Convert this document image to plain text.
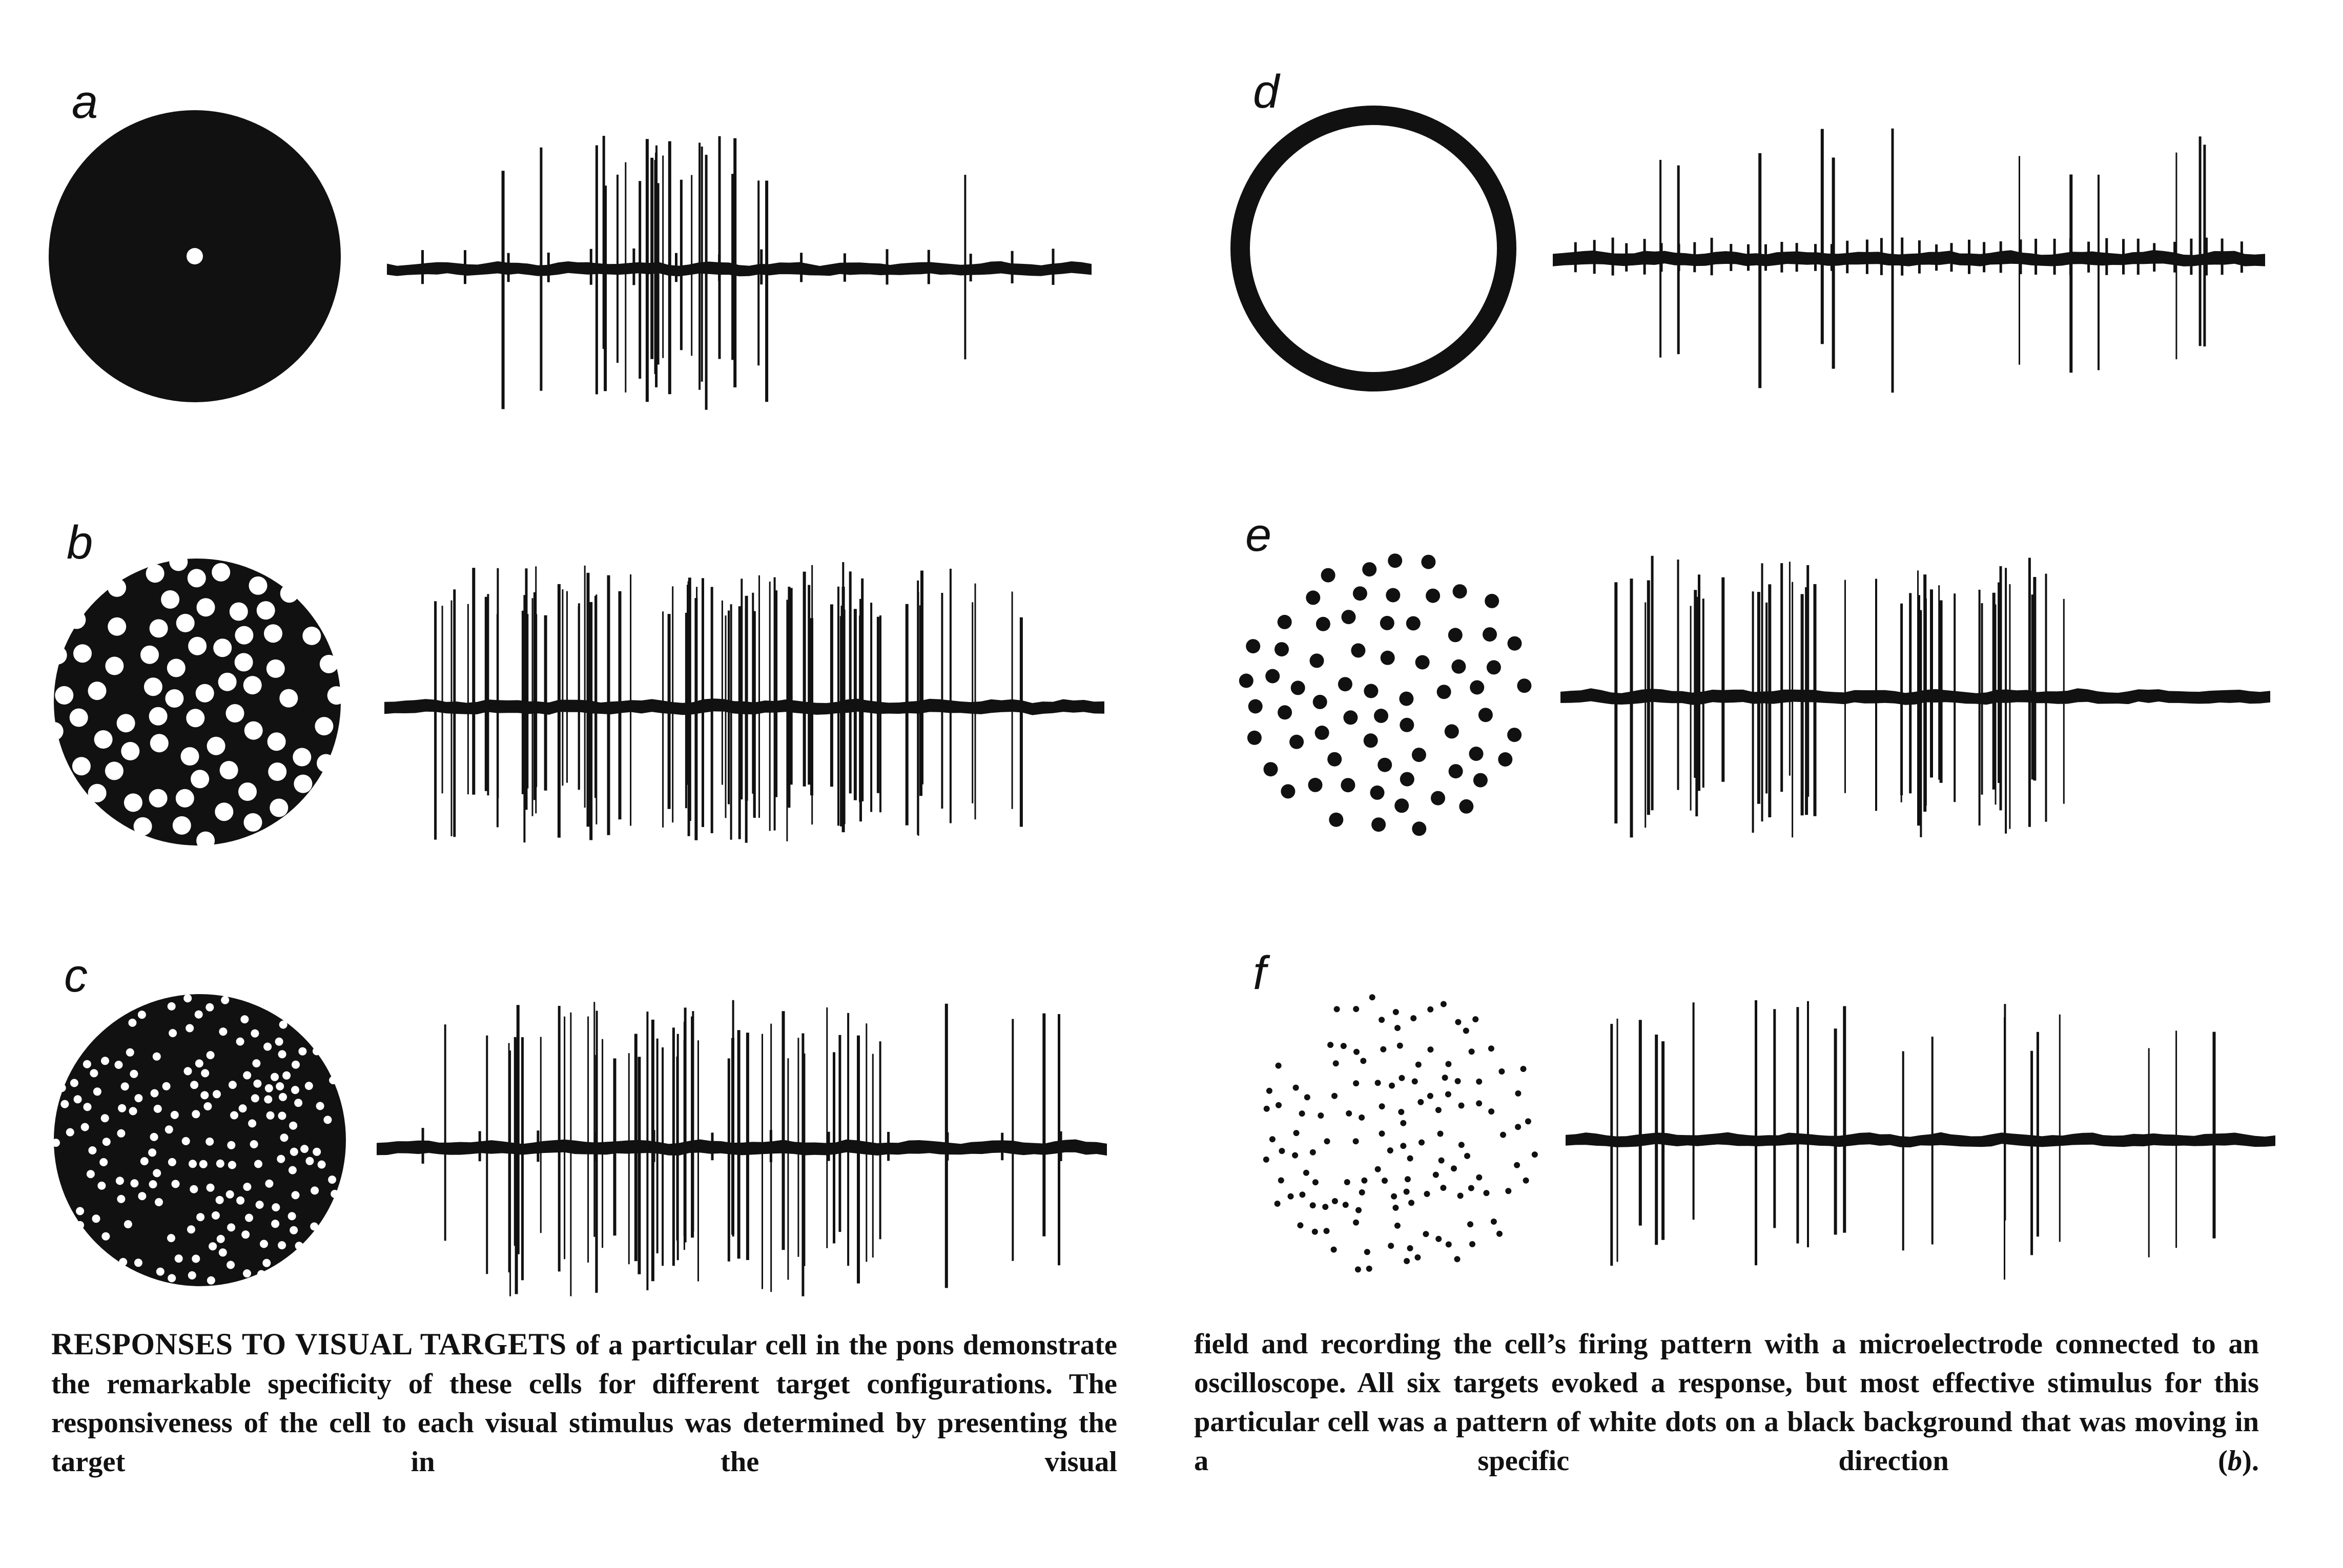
a
b
c
d
e
f
RESPONSES TO VISUAL TARGETS of a particular cell in the pons demonstrate the remarkable specificity of these cells for different target configurations. The responsiveness of the cell to each visual stimulus was determined by presenting the target in the visual
field and recording the cell’s firing pattern with a microelectrode connected to an oscilloscope. All six targets evoked a response, but most effective stimulus for this particular cell was a pattern of white dots on a black background that was moving in a specific direction (b).
